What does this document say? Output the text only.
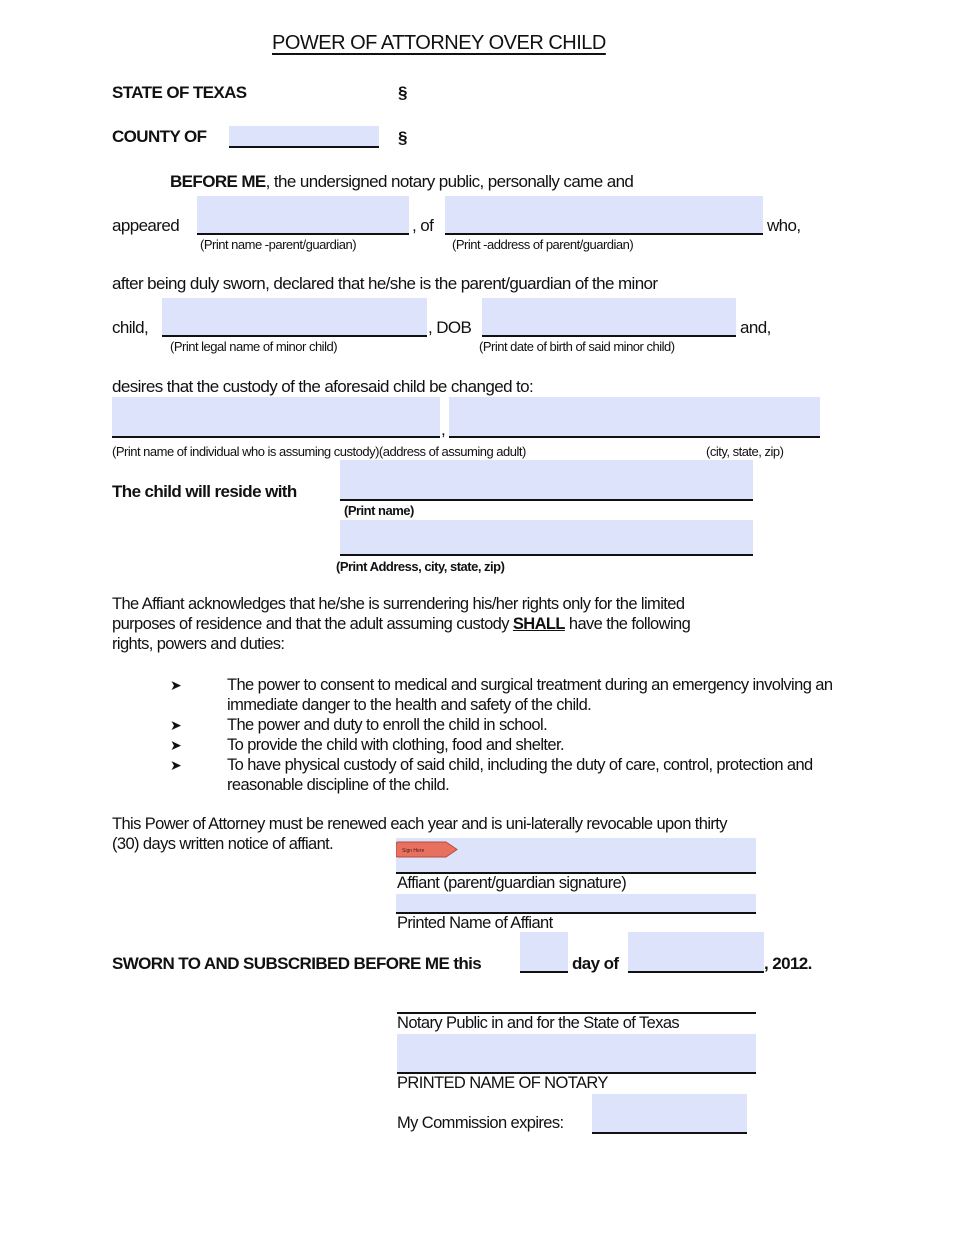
POWER OF ATTORNEY OVER CHILD
STATE OF TEXAS	§
COUNTY OF	§
BEFORE ME, the undersigned notary public, personally came and
appeared	, of	who,
(Print name -parent/guardian)	(Print -address of parent/guardian)
after being duly sworn, declared that he/she is the parent/guardian of the minor
child,	, DOB	and,
(Print legal name of minor child)	(Print date of birth of said minor child)
desires that the custody of the aforesaid child be changed to:
,
(Print name of individual who is assuming custody)(address of assuming adult)	(city, state, zip)
The child will reside with
(Print name)
(Print Address, city, state, zip)
The Affiant acknowledges that he/she is surrendering his/her rights only for the limited
purposes of residence and that the adult assuming custody SHALL have the following
rights, powers and duties:
➤	The power to consent to medical and surgical treatment during an emergency involving an immediate danger to the health and safety of the child.
➤	The power and duty to enroll the child in school.
➤	To provide the child with clothing, food and shelter.
➤	To have physical custody of said child, including the duty of care, control, protection and reasonable discipline of the child.
This Power of Attorney must be renewed each year and is uni-laterally revocable upon thirty
(30) days written notice of affiant.	Sign Here
Affiant (parent/guardian signature)
Printed Name of Affiant
SWORN TO AND SUBSCRIBED BEFORE ME this	day of	, 2012.
Notary Public in and for the State of Texas
PRINTED NAME OF NOTARY
My Commission expires:
